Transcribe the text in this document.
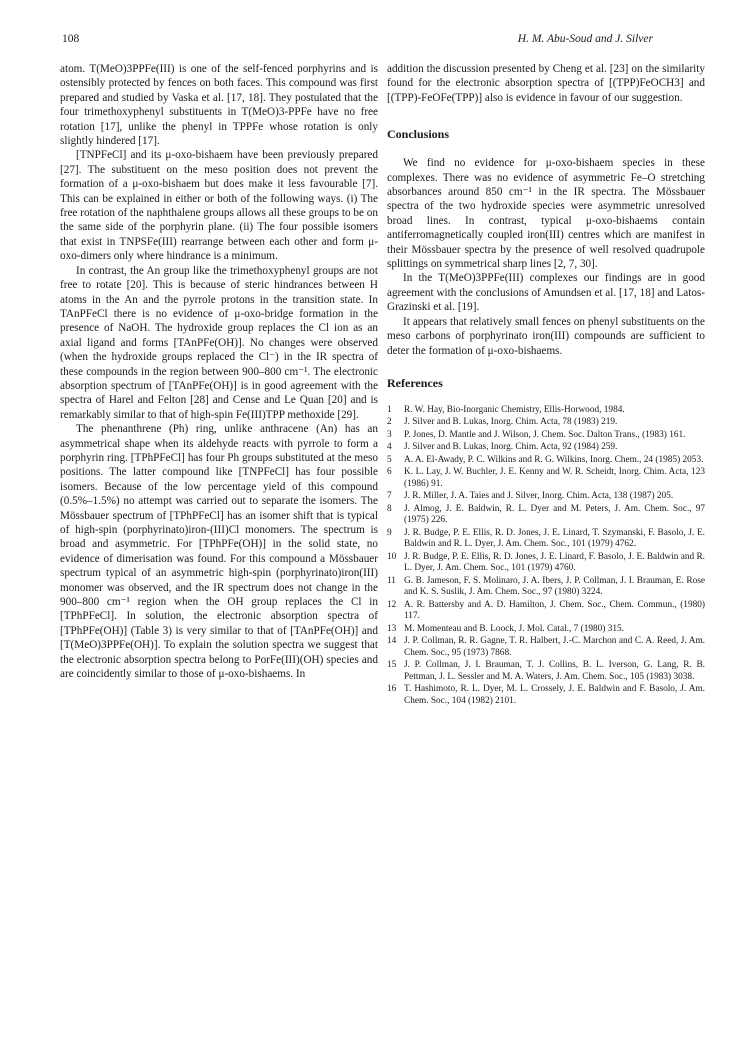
108	H. M. Abu-Soud and J. Silver

atom. T(MeO)3PPFe(III) is one of the self-fenced porphyrins and is ostensibly protected by fences on both faces. This compound was first prepared and studied by Vaska et al. [17, 18]. They postulated that the four trimethoxyphenyl substituents in T(MeO)3-PPFe have no free rotation [17], unlike the phenyl in TPPFe whose rotation is only slightly hindered [17].

[TNPFeCl] and its μ-oxo-bishaem have been previously prepared [27]. The substituent on the meso position does not prevent the formation of a μ-oxo-bishaem but does make it less favourable [7]. This can be explained in either or both of the following ways. (i) The free rotation of the naphthalene groups allows all these groups to be on the same side of the porphyrin plane. (ii) The four possible isomers that exist in TNPSFe(III) rearrange between each other and form μ-oxo-dimers only where hindrance is a minimum.

In contrast, the An group like the trimethoxyphenyl groups are not free to rotate [20]. This is because of steric hindrances between H atoms in the An and the pyrrole protons in the transition state. In TAnPFeCl there is no evidence of μ-oxo-bridge formation in the presence of NaOH. The hydroxide group replaces the Cl ion as an axial ligand and forms [TAnPFe(OH)]. No changes were observed (when the hydroxide groups replaced the Cl⁻) in the IR spectra of these compounds in the region between 900–800 cm⁻¹. The electronic absorption spectrum of [TAnPFe(OH)] is in good agreement with the spectra of Harel and Felton [28] and Cense and Le Quan [20] and is remarkably similar to that of high-spin Fe(III)TPP methoxide [29].

The phenanthrene (Ph) ring, unlike anthracene (An) has an asymmetrical shape when its aldehyde reacts with pyrrole to form a porphyrin ring. [TPhPFeCl] has four Ph groups substituted at the meso positions. The latter compound like [TNPFeCl] has four possible isomers. Because of the low percentage yield of this compound (0.5%–1.5%) no attempt was carried out to separate the isomers. The Mössbauer spectrum of [TPhPFeCl] has an isomer shift that is typical of high-spin (porphyrinato)iron-(III)Cl monomers. The spectrum is broad and asymmetric. For [TPhPFe(OH)] in the solid state, no evidence of dimerisation was found. For this compound a Mössbauer spectrum typical of an asymmetric high-spin (porphyrinato)iron(III) monomer was observed, and the IR spectrum does not change in the 900–800 cm⁻¹ region when the OH group replaces the Cl in [TPhPFeCl]. In solution, the electronic absorption spectra of [TPhPFe(OH)] (Table 3) is very similar to that of [TAnPFe(OH)] and [T(MeO)3PPFe(OH)]. To explain the solution spectra we suggest that the electronic absorption spectra belong to PorFe(III)(OH) species and are coincidently similar to those of μ-oxo-bishaems. In

addition the discussion presented by Cheng et al. [23] on the similarity found for the electronic absorption spectra of [(TPP)FeOCH3] and [(TPP)-FeOFe(TPP)] also is evidence in favour of our suggestion.

Conclusions

We find no evidence for μ-oxo-bishaem species in these complexes. There was no evidence of asymmetric Fe–O stretching absorbances around 850 cm⁻¹ in the IR spectra. The Mössbauer spectra of the two hydroxide species were asymmetric unresolved broad lines. In contrast, typical μ-oxo-bishaems contain antiferromagnetically coupled iron(III) centres which are manifest in their Mössbauer spectra by the presence of well resolved quadrupole splittings on symmetrical sharp lines [2, 7, 30].

In the T(MeO)3PPFe(III) complexes our findings are in good agreement with the conclusions of Amundsen et al. [17, 18] and Latos-Grazinski et al. [19].

It appears that relatively small fences on phenyl substituents on the meso carbons of porphyrinato iron(III) compounds are sufficient to deter the formation of μ-oxo-bishaems.

References
1	R. W. Hay, Bio-Inorganic Chemistry, Ellis-Horwood, 1984.
2	J. Silver and B. Lukas, Inorg. Chim. Acta, 78 (1983) 219.
3	P. Jones, D. Mantle and J. Wilson, J. Chem. Soc. Dalton Trans., (1983) 161.
4	J. Silver and B. Lukas, Inorg. Chim. Acta, 92 (1984) 259.
5	A. A. El-Awady, P. C. Wilkins and R. G. Wilkins, Inorg. Chem., 24 (1985) 2053.
6	K. L. Lay, J. W. Buchler, J. E. Kenny and W. R. Scheidt, Inorg. Chim. Acta, 123 (1986) 91.
7	J. R. Miller, J. A. Taies and J. Silver, Inorg. Chim. Acta, 138 (1987) 205.
8	J. Almog, J. E. Baldwin, R. L. Dyer and M. Peters, J. Am. Chem. Soc., 97 (1975) 226.
9	J. R. Budge, P. E. Ellis, R. D. Jones, J. E. Linard, T. Szymanski, F. Basolo, J. E. Baldwin and R. L. Dyer, J. Am. Chem. Soc., 101 (1979) 4762.
10 J. R. Budge, P. E. Ellis, R. D. Jones, J. E. Linard, F. Basolo, J. E. Baldwin and R. L. Dyer, J. Am. Chem. Soc., 101 (1979) 4760.
11 G. B. Jameson, F. S. Molinaro, J. A. Ibers, J. P. Collman, J. I. Brauman, E. Rose and K. S. Suslik, J. Am. Chem. Soc., 97 (1980) 3224.
12 A. R. Battersby and A. D. Hamilton, J. Chem. Soc., Chem. Commun., (1980) 117.
13 M. Momenteau and B. Loock, J. Mol. Catal., 7 (1980) 315.
14 J. P. Collman, R. R. Gagne, T. R. Halbert, J.-C. Marchon and C. A. Reed, J. Am. Chem. Soc., 95 (1973) 7868.
15 J. P. Collman, J. I. Brauman, T. J. Collins, B. L. Iverson, G. Lang, R. B. Pettman, J. L. Sessler and M. A. Waters, J. Am. Chem. Soc., 105 (1983) 3038.
16 T. Hashimoto, R. L. Dyer, M. L. Crossely, J. E. Baldwin and F. Basolo, J. Am. Chem. Soc., 104 (1982) 2101.
